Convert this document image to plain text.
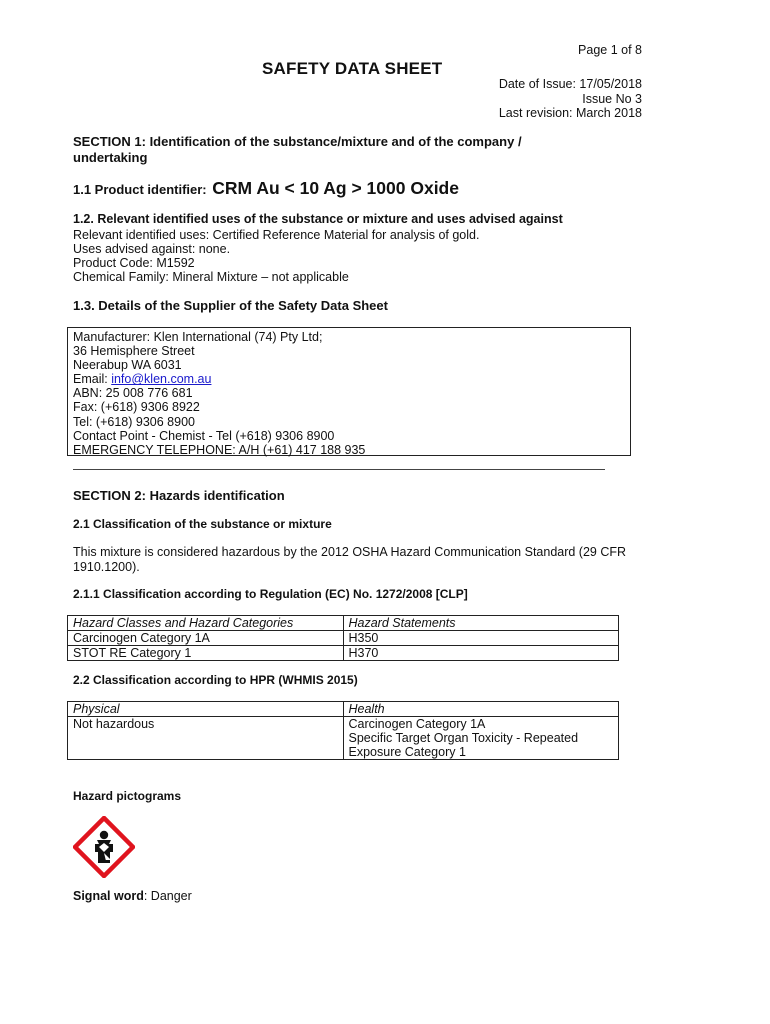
Page 1 of 8
SAFETY DATA SHEET
Date of Issue: 17/05/2018
Issue No 3
Last revision: March 2018
SECTION 1: Identification of the substance/mixture and of the company / undertaking
1.1 Product identifier: CRM Au < 10 Ag > 1000 Oxide
1.2. Relevant identified uses of the substance or mixture and uses advised against
Relevant identified uses: Certified Reference Material for analysis of gold.
Uses advised against: none.
Product Code: M1592
Chemical Family: Mineral Mixture – not applicable
1.3. Details of the Supplier of the Safety Data Sheet
Manufacturer: Klen International (74) Pty Ltd;
36 Hemisphere Street
Neerabup WA 6031
Email: info@klen.com.au
ABN: 25 008 776 681
Fax: (+618) 9306 8922
Tel: (+618) 9306 8900
Contact Point - Chemist - Tel (+618) 9306 8900
EMERGENCY TELEPHONE: A/H (+61) 417 188 935
SECTION 2: Hazards identification
2.1 Classification of the substance or mixture
This mixture is considered hazardous by the 2012 OSHA Hazard Communication Standard (29 CFR 1910.1200).
2.1.1 Classification according to Regulation (EC) No. 1272/2008 [CLP]
Hazard Classes and Hazard Categories	Hazard Statements
Carcinogen Category 1A	H350
STOT RE Category 1	H370
2.2 Classification according to HPR (WHMIS 2015)
Physical	Health
Not hazardous	Carcinogen Category 1A
Specific Target Organ Toxicity - Repeated
Exposure Category 1
Hazard pictograms
Signal word: Danger
